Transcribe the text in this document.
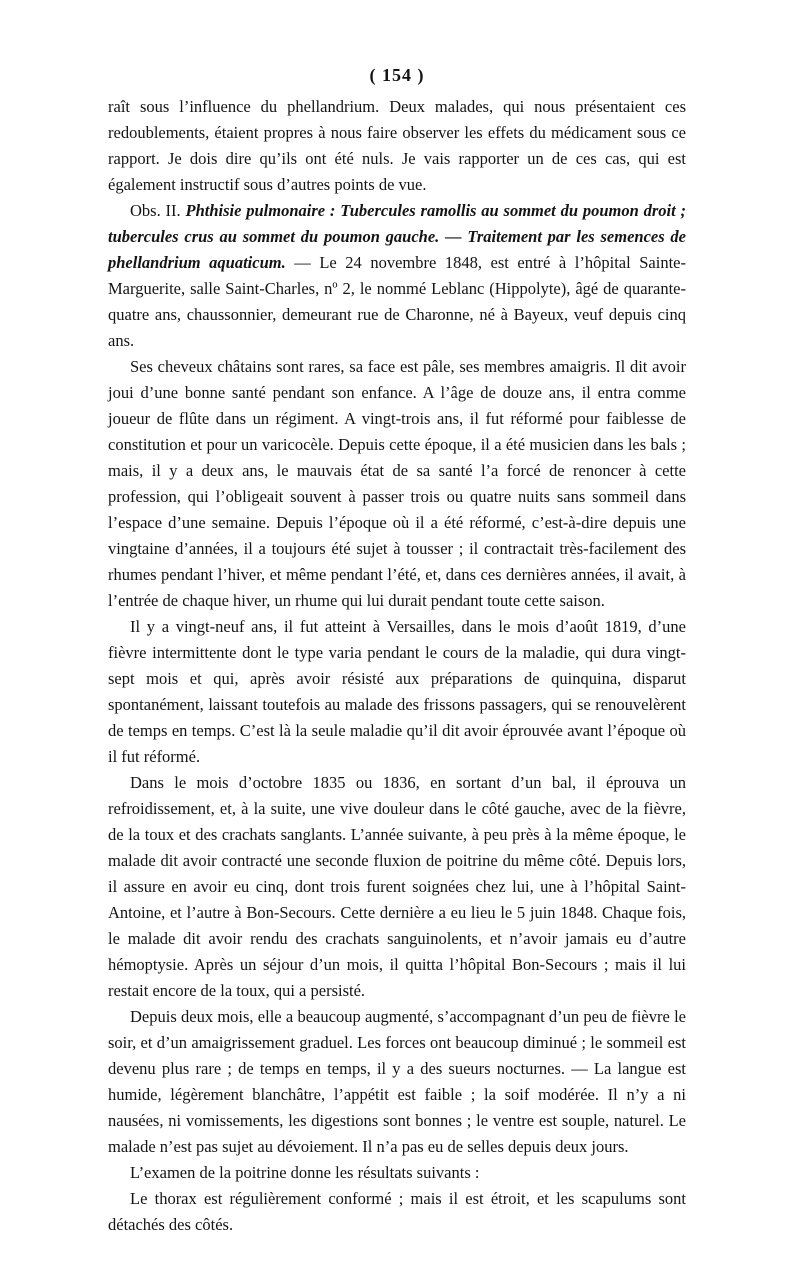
( 154 )

raît sous l’influence du phellandrium. Deux malades, qui nous présentaient ces redoublements, étaient propres à nous faire observer les effets du médicament sous ce rapport. Je dois dire qu’ils ont été nuls. Je vais rapporter un de ces cas, qui est également instructif sous d’autres points de vue.

Obs. II. Phthisie pulmonaire : Tubercules ramollis au sommet du poumon droit ; tubercules crus au sommet du poumon gauche. — Traitement par les semences de phellandrium aquaticum. — Le 24 novembre 1848, est entré à l’hôpital Sainte-Marguerite, salle Saint-Charles, nº 2, le nommé Leblanc (Hippolyte), âgé de quarante-quatre ans, chaussonnier, demeurant rue de Charonne, né à Bayeux, veuf depuis cinq ans.

Ses cheveux châtains sont rares, sa face est pâle, ses membres amaigris. Il dit avoir joui d’une bonne santé pendant son enfance. A l’âge de douze ans, il entra comme joueur de flûte dans un régiment. A vingt-trois ans, il fut réformé pour faiblesse de constitution et pour un varicocèle. Depuis cette époque, il a été musicien dans les bals ; mais, il y a deux ans, le mauvais état de sa santé l’a forcé de renoncer à cette profession, qui l’obligeait souvent à passer trois ou quatre nuits sans sommeil dans l’espace d’une semaine. Depuis l’époque où il a été réformé, c’est-à-dire depuis une vingtaine d’années, il a toujours été sujet à tousser ; il contractait très-facilement des rhumes pendant l’hiver, et même pendant l’été, et, dans ces dernières années, il avait, à l’entrée de chaque hiver, un rhume qui lui durait pendant toute cette saison.

Il y a vingt-neuf ans, il fut atteint à Versailles, dans le mois d’août 1819, d’une fièvre intermittente dont le type varia pendant le cours de la maladie, qui dura vingt-sept mois et qui, après avoir résisté aux préparations de quinquina, disparut spontanément, laissant toutefois au malade des frissons passagers, qui se renouvelèrent de temps en temps. C’est là la seule maladie qu’il dit avoir éprouvée avant l’époque où il fut réformé.

Dans le mois d’octobre 1835 ou 1836, en sortant d’un bal, il éprouva un refroidissement, et, à la suite, une vive douleur dans le côté gauche, avec de la fièvre, de la toux et des crachats sanglants. L’année suivante, à peu près à la même époque, le malade dit avoir contracté une seconde fluxion de poitrine du même côté. Depuis lors, il assure en avoir eu cinq, dont trois furent soignées chez lui, une à l’hôpital Saint-Antoine, et l’autre à Bon-Secours. Cette dernière a eu lieu le 5 juin 1848. Chaque fois, le malade dit avoir rendu des crachats sanguinolents, et n’avoir jamais eu d’autre hémoptysie. Après un séjour d’un mois, il quitta l’hôpital Bon-Secours ; mais il lui restait encore de la toux, qui a persisté.

Depuis deux mois, elle a beaucoup augmenté, s’accompagnant d’un peu de fièvre le soir, et d’un amaigrissement graduel. Les forces ont beaucoup diminué ; le sommeil est devenu plus rare ; de temps en temps, il y a des sueurs nocturnes. — La langue est humide, légèrement blanchâtre, l’appétit est faible ; la soif modérée. Il n’y a ni nausées, ni vomissements, les digestions sont bonnes ; le ventre est souple, naturel. Le malade n’est pas sujet au dévoiement. Il n’a pas eu de selles depuis deux jours.

L’examen de la poitrine donne les résultats suivants :

Le thorax est régulièrement conformé ; mais il est étroit, et les scapulums sont détachés des côtés.
